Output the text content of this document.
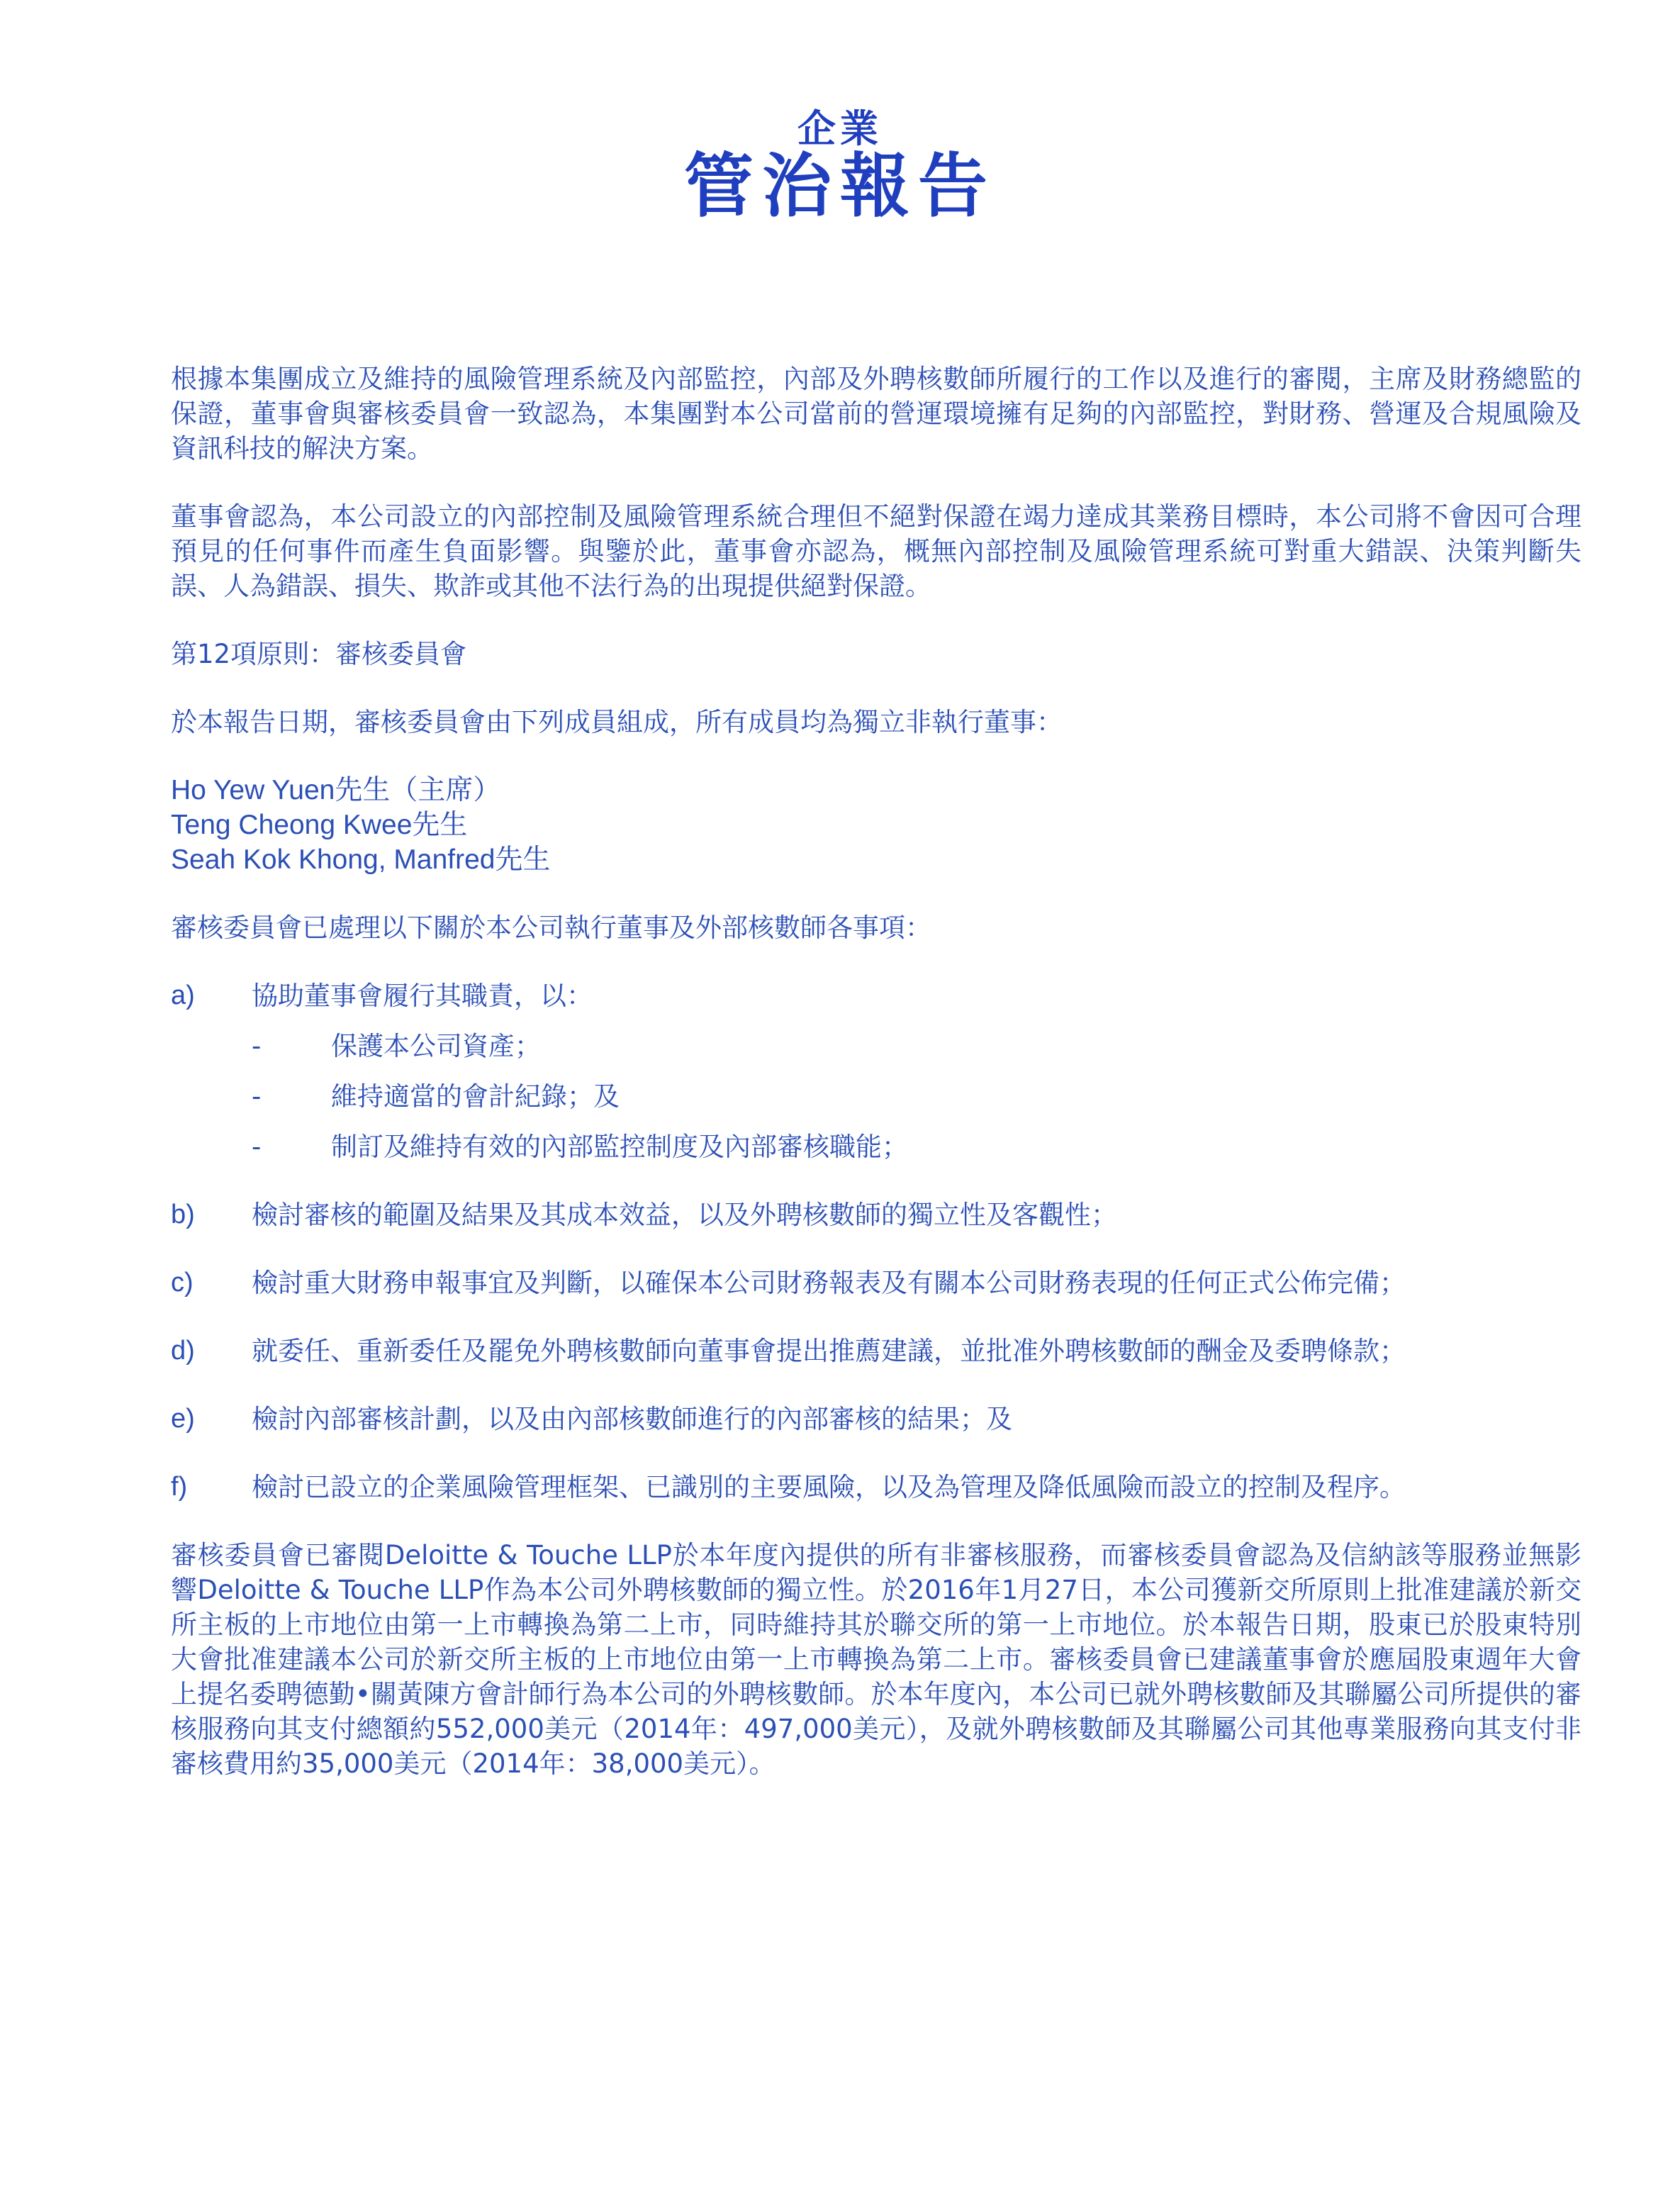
企業
管治報告

根據本集團成立及維持的風險管理系統及內部監控，內部及外聘核數師所履行的工作以及進行的審閱，主席及財務總監的保證，董事會與審核委員會一致認為，本集團對本公司當前的營運環境擁有足夠的內部監控，對財務、營運及合規風險及資訊科技的解決方案。

董事會認為，本公司設立的內部控制及風險管理系統合理但不絕對保證在竭力達成其業務目標時，本公司將不會因可合理預見的任何事件而產生負面影響。與鑒於此，董事會亦認為，概無內部控制及風險管理系統可對重大錯誤、決策判斷失誤、人為錯誤、損失、欺詐或其他不法行為的出現提供絕對保證。

第12項原則：審核委員會

於本報告日期，審核委員會由下列成員組成，所有成員均為獨立非執行董事：

Ho Yew Yuen先生（主席）
Teng Cheong Kwee先生
Seah Kok Khong, Manfred先生

審核委員會已處理以下關於本公司執行董事及外部核數師各事項：

a)	協助董事會履行其職責，以：
-	保護本公司資產；
-	維持適當的會計紀錄；及
-	制訂及維持有效的內部監控制度及內部審核職能；
b)	檢討審核的範圍及結果及其成本效益，以及外聘核數師的獨立性及客觀性；
c)	檢討重大財務申報事宜及判斷，以確保本公司財務報表及有關本公司財務表現的任何正式公佈完備；
d)	就委任、重新委任及罷免外聘核數師向董事會提出推薦建議，並批准外聘核數師的酬金及委聘條款；
e)	檢討內部審核計劃，以及由內部核數師進行的內部審核的結果；及
f)	檢討已設立的企業風險管理框架、已識別的主要風險，以及為管理及降低風險而設立的控制及程序。

審核委員會已審閱Deloitte & Touche LLP於本年度內提供的所有非審核服務，而審核委員會認為及信納該等服務並無影響Deloitte & Touche LLP作為本公司外聘核數師的獨立性。於2016年1月27日，本公司獲新交所原則上批准建議於新交所主板的上市地位由第一上市轉換為第二上市，同時維持其於聯交所的第一上市地位。於本報告日期，股東已於股東特別大會批准建議本公司於新交所主板的上市地位由第一上市轉換為第二上市。審核委員會已建議董事會於應屆股東週年大會上提名委聘德勤•關黃陳方會計師行為本公司的外聘核數師。於本年度內，本公司已就外聘核數師及其聯屬公司所提供的審核服務向其支付總額約552,000美元（2014年：497,000美元），及就外聘核數師及其聯屬公司其他專業服務向其支付非審核費用約35,000美元（2014年：38,000美元）。
